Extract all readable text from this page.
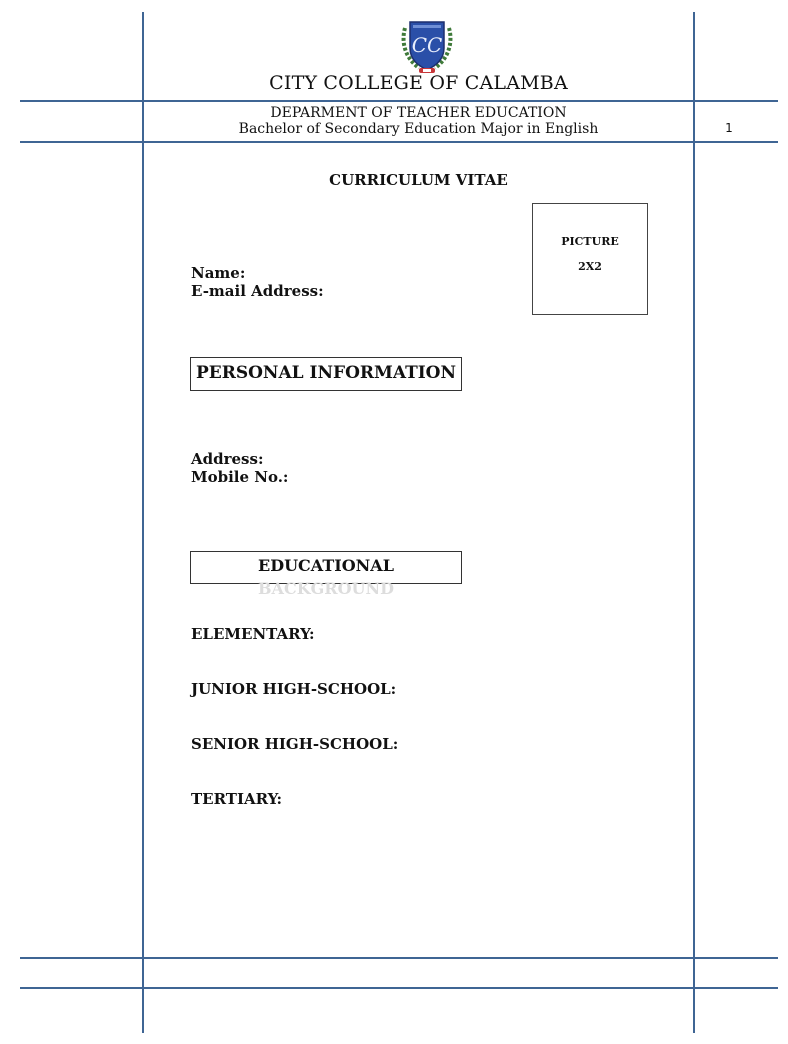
CC
CITY COLLEGE OF CALAMBA
DEPARMENT OF TEACHER EDUCATION
Bachelor of Secondary Education Major in English	1
CURRICULUM VITAE
PICTURE
2X2
Name:
E-mail Address:
PERSONAL INFORMATION
Address:
Mobile No.:
EDUCATIONAL
BACKGROUND
ELEMENTARY:
JUNIOR HIGH-SCHOOL:
SENIOR HIGH-SCHOOL:
TERTIARY:
